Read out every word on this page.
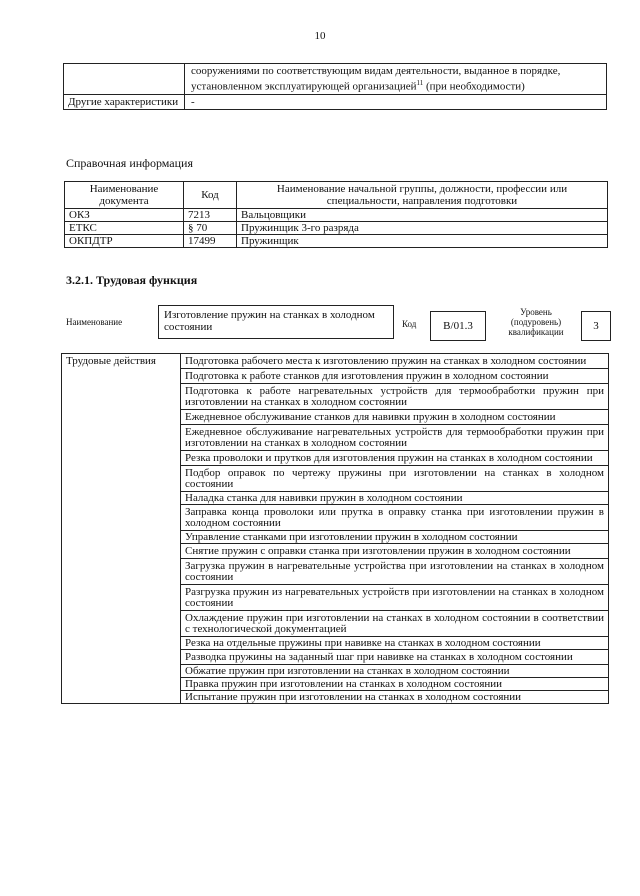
10
	сооружениями по соответствующим видам деятельности, выданное в порядке, установленном эксплуатирующей организацией$^{11}$ (при необходимости)
Другие характеристики	-
Справочная информация
Наименование документа	Код	Наименование начальной группы, должности, профессии или специальности, направления подготовки
ОКЗ	7213	Вальцовщики
ЕТКС	§ 70	Пружинщик 3-го разряда
ОКПДТР	17499	Пружинщик
3.2.1. Трудовая функция
Наименование
Изготовление пружин на станках в холодном состоянии	Код	B/01.3
Уровень (подуровень) квалификации	3
Трудовые действия	Подготовка рабочего места к изготовлению пружин на станках в холодном состоянии
Подготовка к работе станков для изготовления пружин в холодном состоянии
Подготовка к работе нагревательных устройств для термообработки пружин при изготовлении на станках в холодном состоянии
Ежедневное обслуживание станков для навивки пружин в холодном состоянии
Ежедневное обслуживание нагревательных устройств для термообработки пружин при изготовлении на станках в холодном состоянии
Резка проволоки и прутков для изготовления пружин на станках в холодном состоянии
Подбор оправок по чертежу пружины при изготовлении на станках в холодном состоянии
Наладка станка для навивки пружин в холодном состоянии
Заправка конца проволоки или прутка в оправку станка при изготовлении пружин в холодном состоянии
Управление станками при изготовлении пружин в холодном состоянии
Снятие пружин с оправки станка при изготовлении пружин в холодном состоянии
Загрузка пружин в нагревательные устройства при изготовлении на станках в холодном состоянии
Разгрузка пружин из нагревательных устройств при изготовлении на станках в холодном состоянии
Охлаждение пружин при изготовлении на станках в холодном состоянии в соответствии с технологической документацией
Резка на отдельные пружины при навивке на станках в холодном состоянии
Разводка пружины на заданный шаг при навивке на станках в холодном состоянии
Обжатие пружин при изготовлении на станках в холодном состоянии
Правка пружин при изготовлении на станках в холодном состоянии
Испытание пружин при изготовлении на станках в холодном состоянии
